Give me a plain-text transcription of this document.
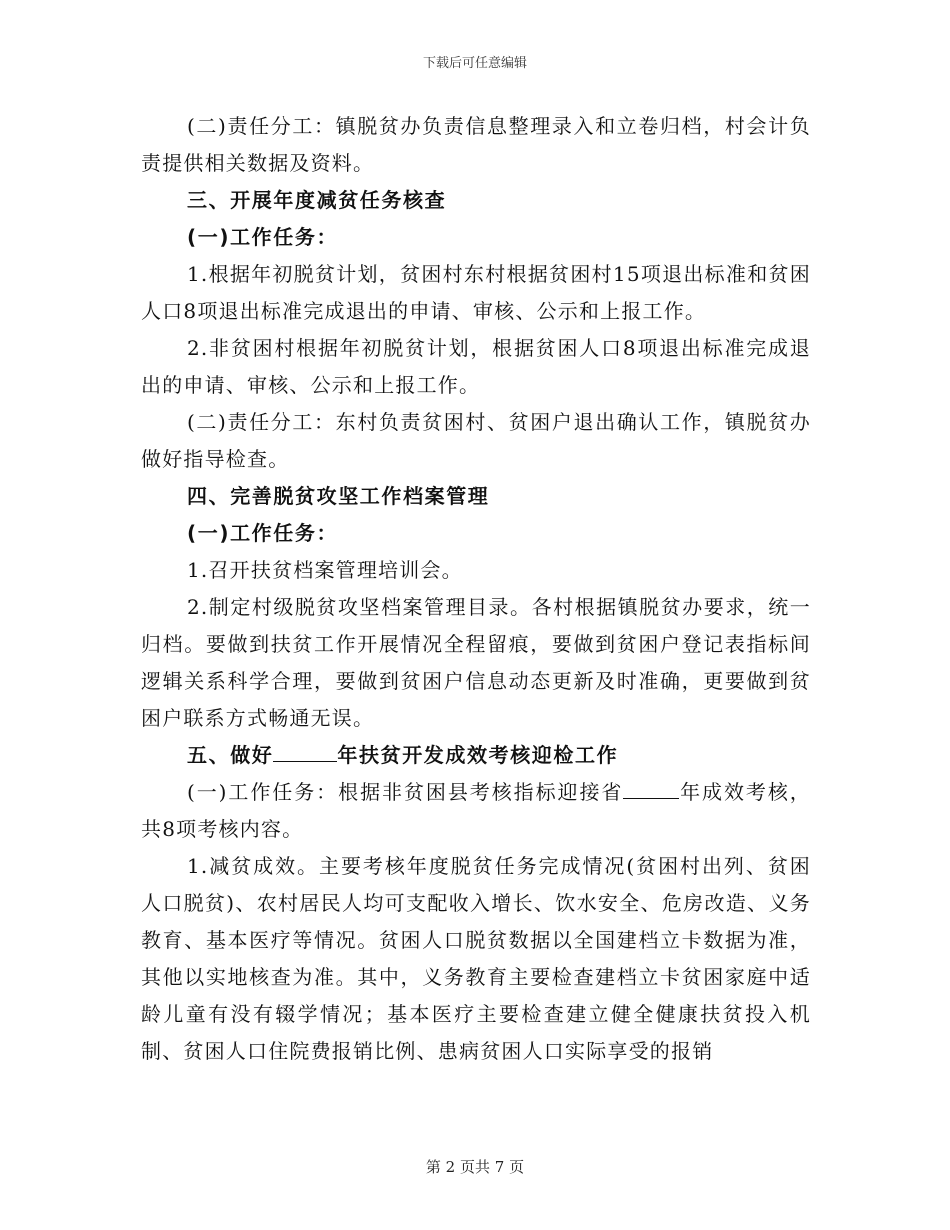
下载后可任意编辑

(二)责任分工：镇脱贫办负责信息整理录入和立卷归档，村会计负责提供相关数据及资料。

三、开展年度减贫任务核查

(一)工作任务：

1.根据年初脱贫计划，贫困村东村根据贫困村15项退出标准和贫困人口8项退出标准完成退出的申请、审核、公示和上报工作。

2.非贫困村根据年初脱贫计划，根据贫困人口8项退出标准完成退出的申请、审核、公示和上报工作。

(二)责任分工：东村负责贫困村、贫困户退出确认工作，镇脱贫办做好指导检查。

四、完善脱贫攻坚工作档案管理

(一)工作任务：

1.召开扶贫档案管理培训会。

2.制定村级脱贫攻坚档案管理目录。各村根据镇脱贫办要求，统一归档。要做到扶贫工作开展情况全程留痕，要做到贫困户登记表指标间逻辑关系科学合理，要做到贫困户信息动态更新及时准确，更要做到贫困户联系方式畅通无误。

五、做好	年扶贫开发成效考核迎检工作

(一)工作任务：根据非贫困县考核指标迎接省	年成效考核，共8项考核内容。

1.减贫成效。主要考核年度脱贫任务完成情况(贫困村出列、贫困人口脱贫)、农村居民人均可支配收入增长、饮水安全、危房改造、义务教育、基本医疗等情况。贫困人口脱贫数据以全国建档立卡数据为准，其他以实地核查为准。其中，义务教育主要检查建档立卡贫困家庭中适龄儿童有没有辍学情况；基本医疗主要检查建立健全健康扶贫投入机制、贫困人口住院费报销比例、患病贫困人口实际享受的报销

第 2 页共 7 页
